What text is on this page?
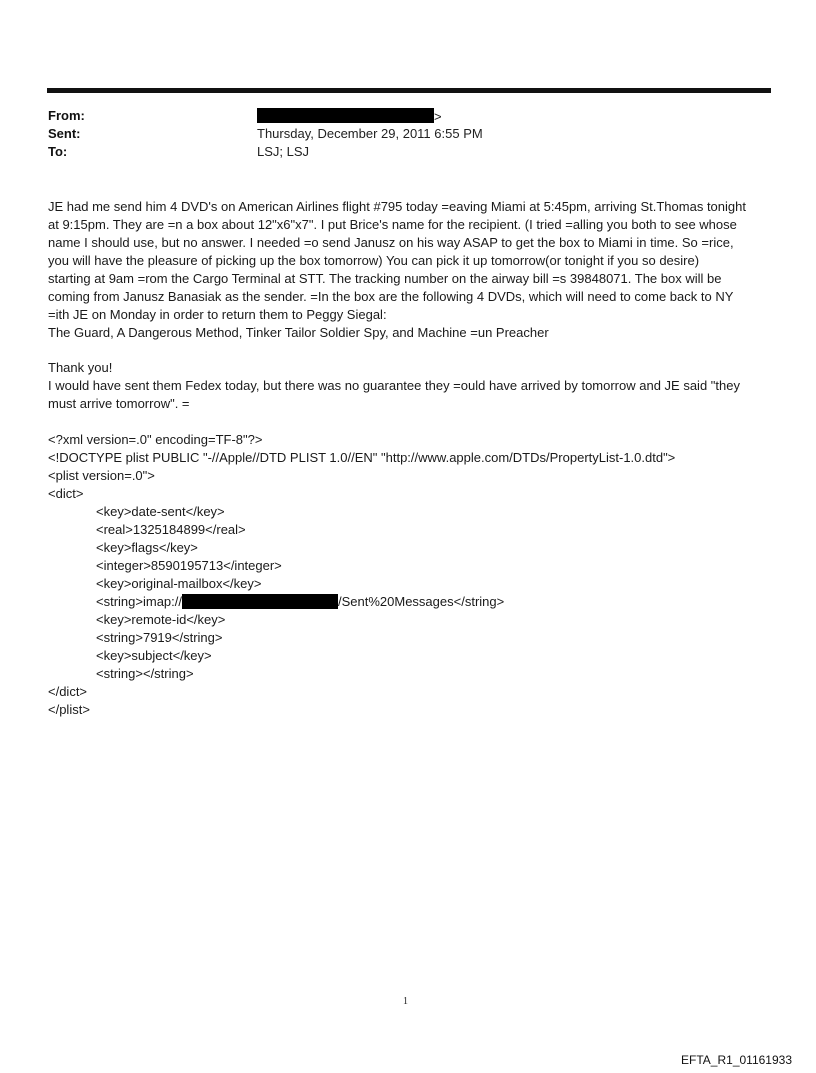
From:	>
Sent:	Thursday, December 29, 2011 6:55 PM
To:	LSJ; LSJ

JE had me send him 4 DVD's on American Airlines flight #795 today =eaving Miami at 5:45pm, arriving St.Thomas tonight

at 9:15pm. They are =n a box about 12"x6"x7". I put Brice's name for the recipient. (I tried =alling you both to see whose

name I should use, but no answer. I needed =o send Janusz on his way ASAP to get the box to Miami in time. So =rice,

you will have the pleasure of picking up the box tomorrow) You can pick it up tomorrow(or tonight if you so desire)

starting at 9am =rom the Cargo Terminal at STT. The tracking number on the airway bill =s 39848071. The box will be

coming from Janusz Banasiak as the sender. =In the box are the following 4 DVDs, which will need to come back to NY

=ith JE on Monday in order to return them to Peggy Siegal:

The Guard, A Dangerous Method, Tinker Tailor Soldier Spy, and Machine =un Preacher

Thank you!

I would have sent them Fedex today, but there was no guarantee they =ould have arrived by tomorrow and JE said "they

must arrive tomorrow". =

<?xml version=.0" encoding=TF-8"?>
<!DOCTYPE plist PUBLIC "-//Apple//DTD PLIST 1.0//EN" "http://www.apple.com/DTDs/PropertyList-1.0.dtd">
<plist version=.0">
<dict>
<key>date-sent</key>
<real>1325184899</real>
<key>flags</key>
<integer>8590195713</integer>
<key>original-mailbox</key>
<string>imap://	/Sent%20Messages</string>
<key>remote-id</key>
<string>7919</string>
<key>subject</key>
<string></string>
</dict>
</plist>
1
EFTA_R1_01161933
